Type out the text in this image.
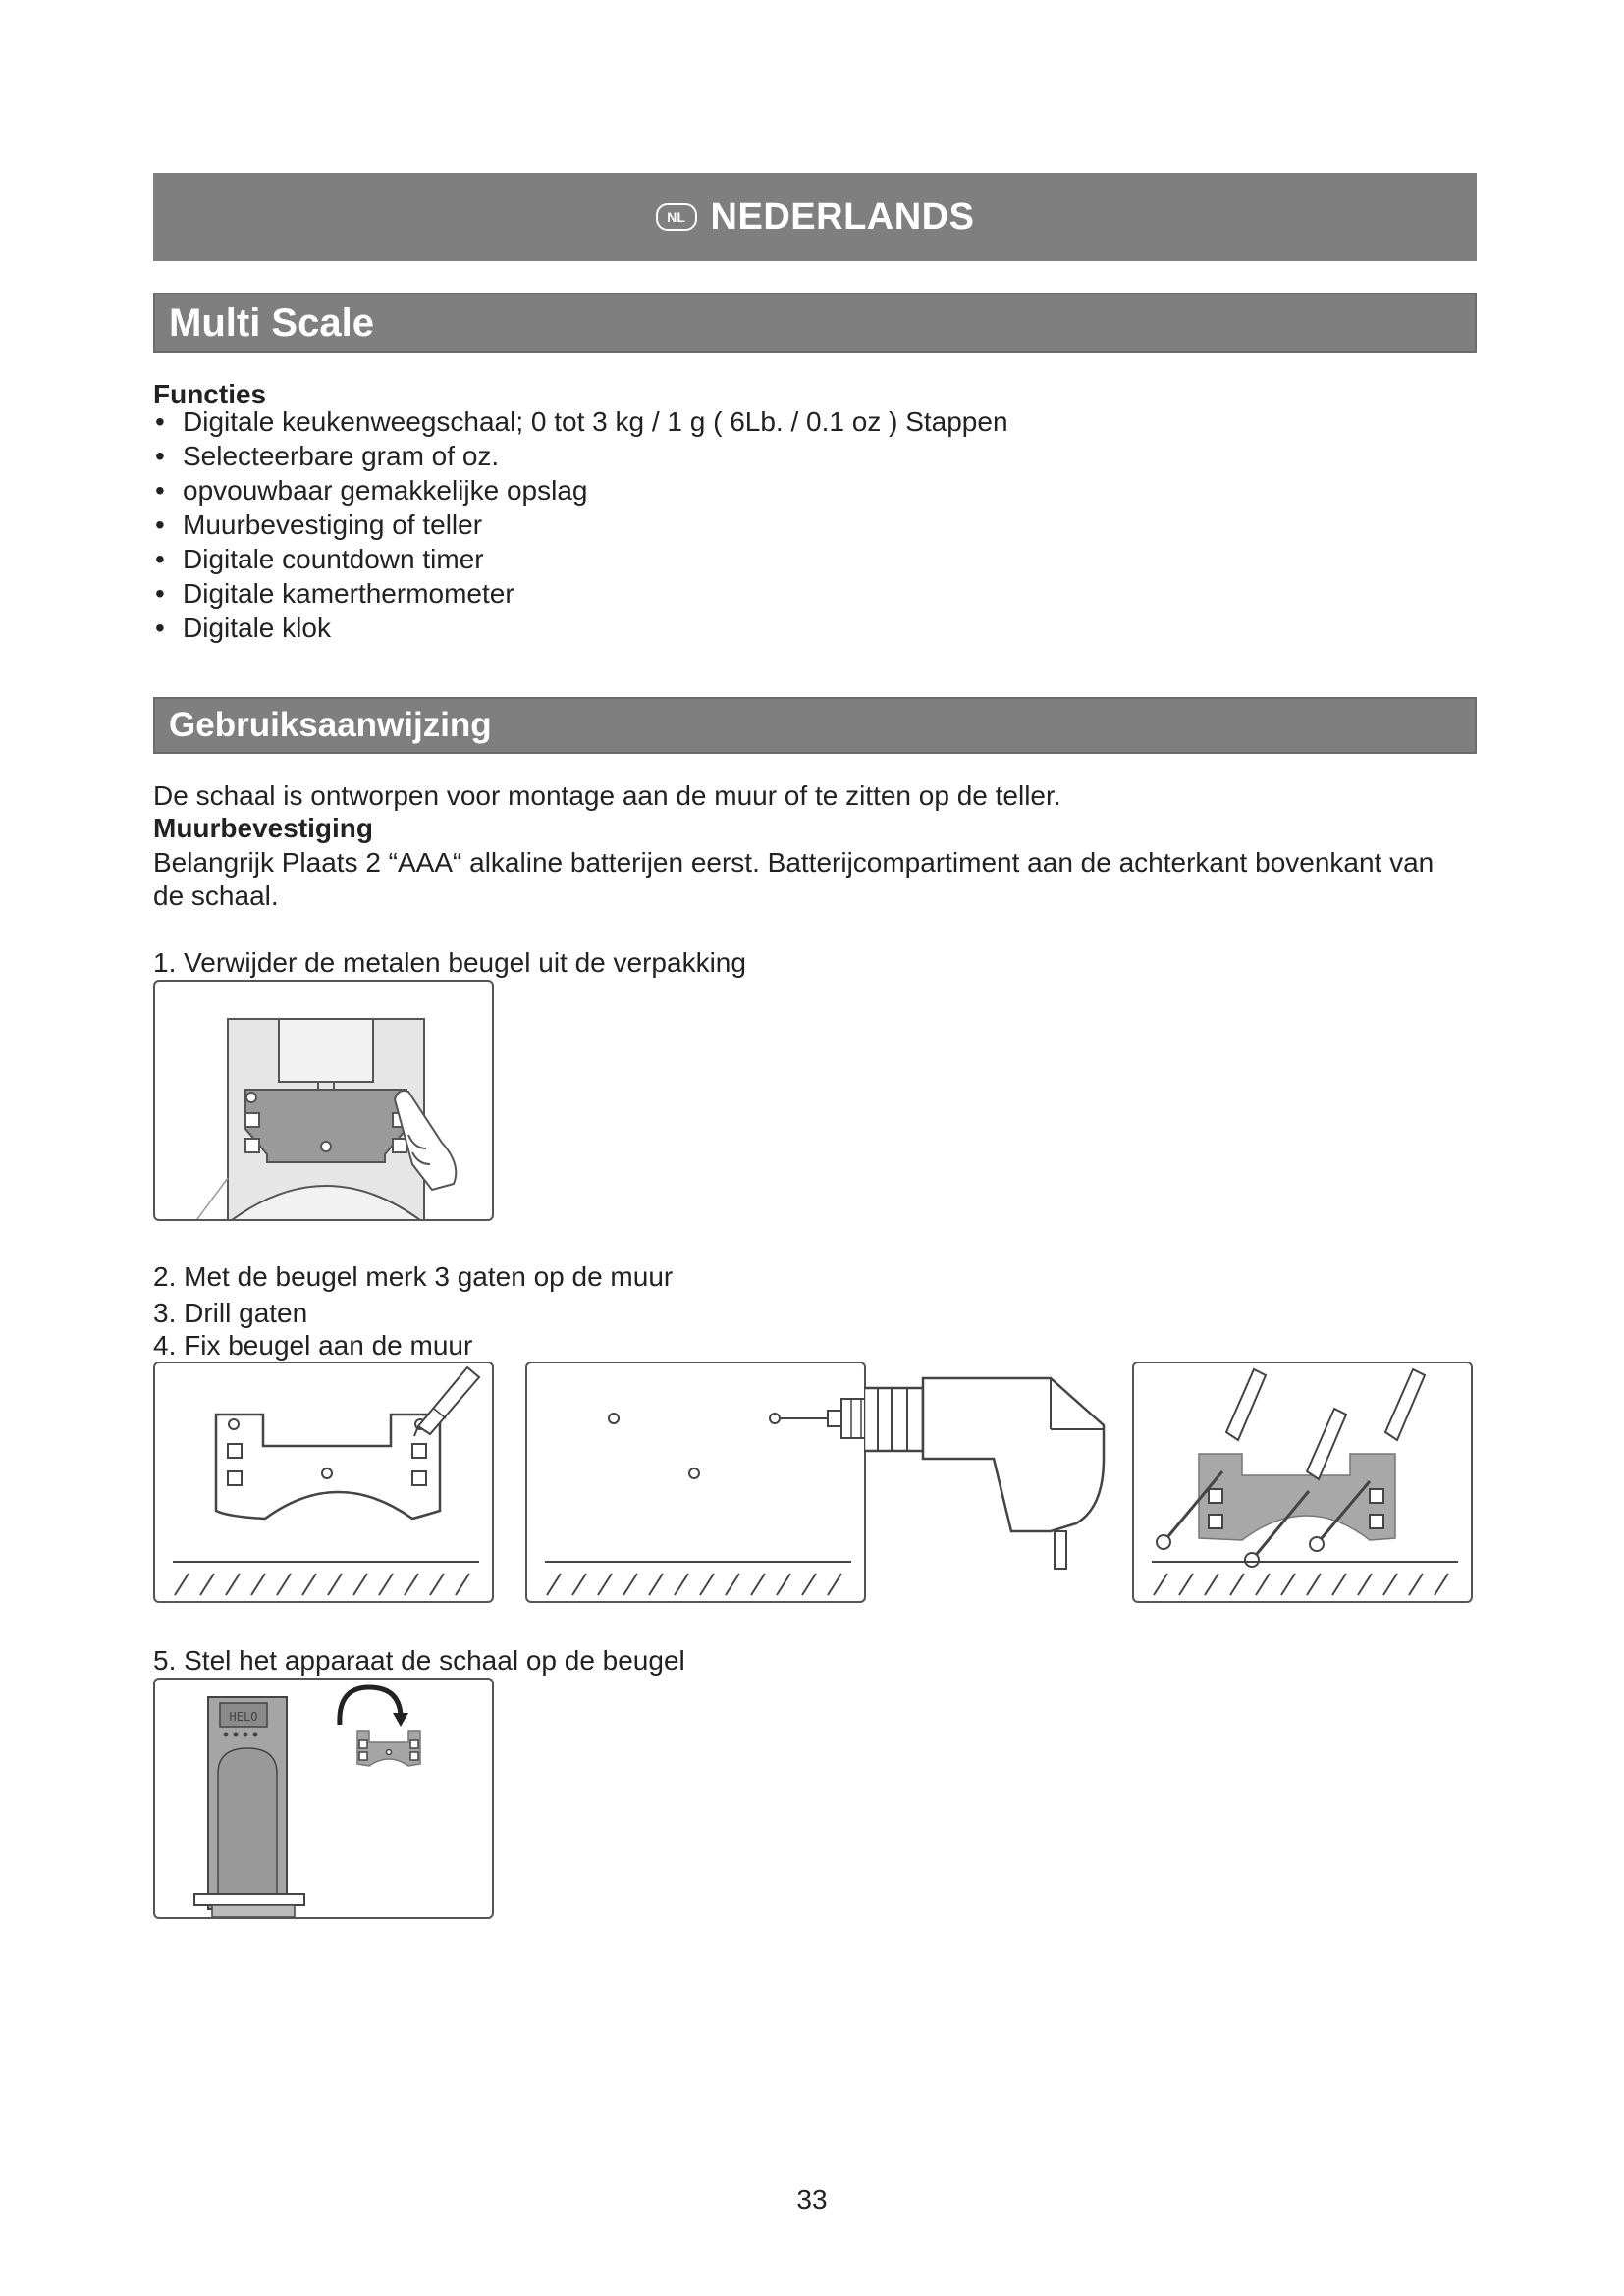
NL NEDERLANDS
Multi Scale
Functies
• Digitale keukenweegschaal; 0 tot 3 kg / 1 g ( 6Lb. / 0.1 oz ) Stappen
• Selecteerbare gram of oz.
• opvouwbaar gemakkelijke opslag
• Muurbevestiging of teller
• Digitale countdown timer
• Digitale kamerthermometer
• Digitale klok
Gebruiksaanwijzing
De schaal is ontworpen voor montage aan de muur of te zitten op de teller.
Muurbevestiging
Belangrijk Plaats 2 “AAA“ alkaline batterijen eerst. Batterijcompartiment aan de achterkant bovenkant van
de schaal.
1. Verwijder de metalen beugel uit de verpakking
2. Met de beugel merk 3 gaten op de muur
3. Drill gaten
4. Fix beugel aan de muur
5. Stel het apparaat de schaal op de beugel
HELO
33
